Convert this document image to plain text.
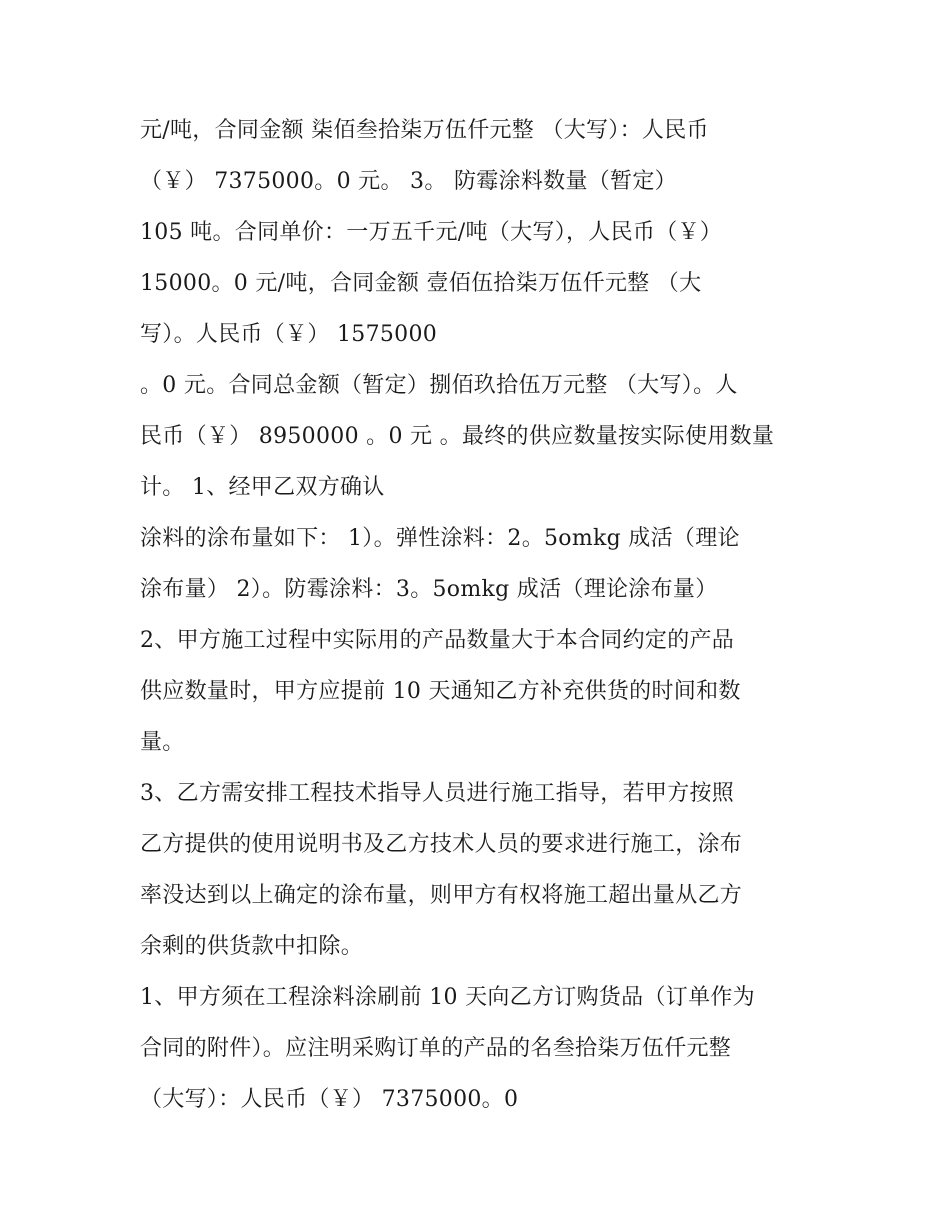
元/吨，合同金额 柒佰叁拾柒万伍仟元整 （大写）：人民币
（￥） 7375000。0 元。 3。 防霉涂料数量（暂定）
105 吨。合同单价：一万五千元/吨（大写），人民币（￥）
15000。0 元/吨，合同金额 壹佰伍拾柒万伍仟元整 （大
写）。人民币（￥） 1575000
。0 元。合同总金额（暂定）捌佰玖拾伍万元整 （大写）。人
民币（￥） 8950000 。0 元 。最终的供应数量按实际使用数量
计。 1、经甲乙双方确认
涂料的涂布量如下： 1）。弹性涂料：2。5omkg 成活（理论
涂布量） 2）。防霉涂料：3。5omkg 成活（理论涂布量）
2、甲方施工过程中实际用的产品数量大于本合同约定的产品
供应数量时，甲方应提前 10 天通知乙方补充供货的时间和数
量。
3、乙方需安排工程技术指导人员进行施工指导，若甲方按照
乙方提供的使用说明书及乙方技术人员的要求进行施工，涂布
率没达到以上确定的涂布量，则甲方有权将施工超出量从乙方
余剩的供货款中扣除。
1、甲方须在工程涂料涂刷前 10 天向乙方订购货品（订单作为
合同的附件）。应注明采购订单的产品的名叁拾柒万伍仟元整
（大写）：人民币（￥） 7375000。0
